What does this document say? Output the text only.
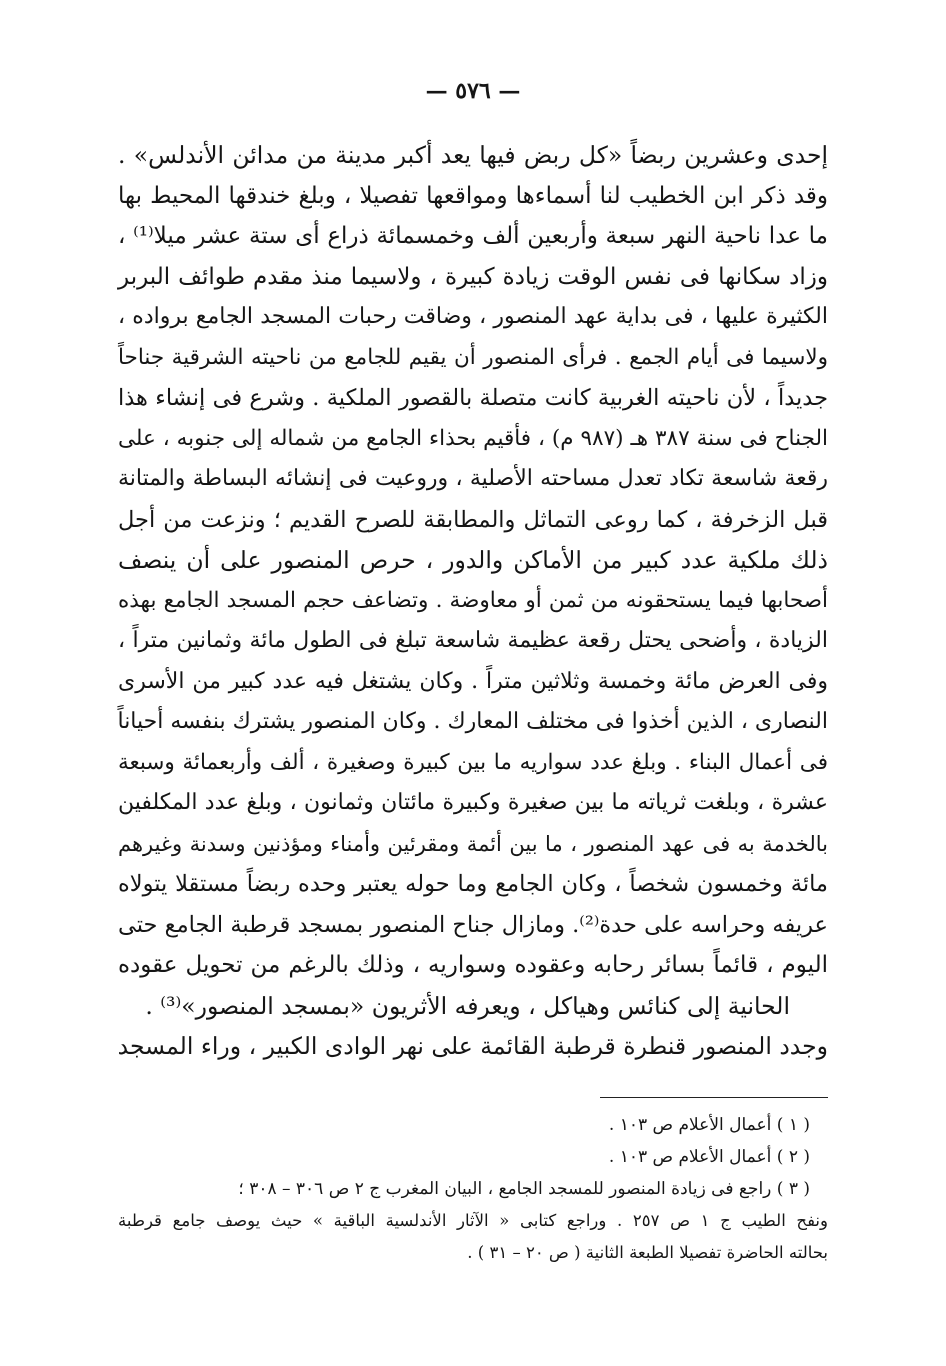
— ٥٧٦ —
إحدى وعشرين ربضاً «كل ربض فيها يعد أكبر مدينة من مدائن الأندلس» .
وقد ذكر ابن الخطيب لنا أسماءها ومواقعها تفصيلا ، وبلغ خندقها المحيط بها
ما عدا ناحية النهر سبعة وأربعين ألف وخمسمائة ذراع أى ستة عشر ميلا⁽¹⁾ ،
وزاد سكانها فى نفس الوقت زيادة كبيرة ، ولاسيما منذ مقدم طوائف البربر
الكثيرة عليها ، فى بداية عهد المنصور ، وضاقت رحبات المسجد الجامع برواده ،
ولاسيما فى أيام الجمع . فرأى المنصور أن يقيم للجامع من ناحيته الشرقية جناحاً
جديداً ، لأن ناحيته الغربية كانت متصلة بالقصور الملكية . وشرع فى إنشاء هذا
الجناح فى سنة ٣٨٧ هـ (٩٨٧ م) ، فأقيم بحذاء الجامع من شماله إلى جنوبه ، على
رقعة شاسعة تكاد تعدل مساحته الأصلية ، وروعيت فى إنشائه البساطة والمتانة
قبل الزخرفة ، كما روعى التماثل والمطابقة للصرح القديم ؛ ونزعت من أجل
ذلك ملكية عدد كبير من الأماكن والدور ، حرص المنصور على أن ينصف
أصحابها فيما يستحقونه من ثمن أو معاوضة . وتضاعف حجم المسجد الجامع بهذه
الزيادة ، وأضحى يحتل رقعة عظيمة شاسعة تبلغ فى الطول مائة وثمانين متراً ،
وفى العرض مائة وخمسة وثلاثين متراً . وكان يشتغل فيه عدد كبير من الأسرى
النصارى ، الذين أخذوا فى مختلف المعارك . وكان المنصور يشترك بنفسه أحياناً
فى أعمال البناء . وبلغ عدد سواريه ما بين كبيرة وصغيرة ، ألف وأربعمائة وسبعة
عشرة ، وبلغت ثرياته ما بين صغيرة وكبيرة مائتان وثمانون ، وبلغ عدد المكلفين
بالخدمة به فى عهد المنصور ، ما بين أئمة ومقرئين وأمناء ومؤذنين وسدنة وغيرهم
مائة وخمسون شخصاً ، وكان الجامع وما حوله يعتبر وحده ربضاً مستقلا يتولاه
عريفه وحراسه على حدة⁽²⁾. ومازال جناح المنصور بمسجد قرطبة الجامع حتى
اليوم ، قائماً بسائر رحابه وعقوده وسواريه ، وذلك بالرغم من تحويل عقوده
الحانية إلى كنائس وهياكل ، ويعرفه الأثريون «بمسجد المنصور»⁽³⁾ .
وجدد المنصور قنطرة قرطبة القائمة على نهر الوادى الكبير ، وراء المسجد
( ١ ) أعمال الأعلام ص ١٠٣ .
( ٢ ) أعمال الأعلام ص ١٠٣ .
( ٣ ) راجع فى زيادة المنصور للمسجد الجامع ، البيان المغرب ج ٢ ص ٣٠٦ – ٣٠٨ ؛
ونفح الطيب ج ١ ص ٢٥٧ . وراجع كتابى « الآثار الأندلسية الباقية » حيث يوصف جامع قرطبة
بحالته الحاضرة تفصيلا الطبعة الثانية ( ص ٢٠ – ٣١ ) .
